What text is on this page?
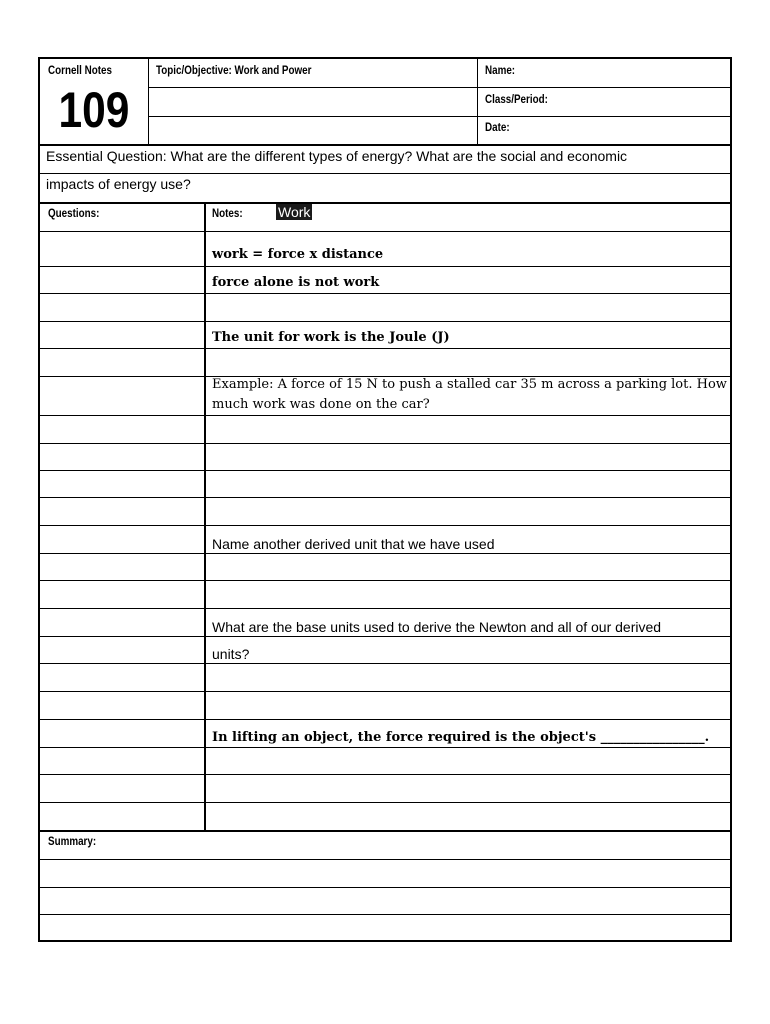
Cornell Notes
109
Topic/Objective: Work and Power	Name:
Class/Period:
Date:
Essential Question: What are the different types of energy? What are the social and economic
impacts of energy use?
Questions:	Notes:	Work
work = force x distance
force alone is not work
The unit for work is the Joule (J)
Example: A force of 15 N to push a stalled car 35 m across a parking lot. How
much work was done on the car?
Name another derived unit that we have used
What are the base units used to derive the Newton and all of our derived
units?
In lifting an object, the force required is the object's ________________.
Summary:
